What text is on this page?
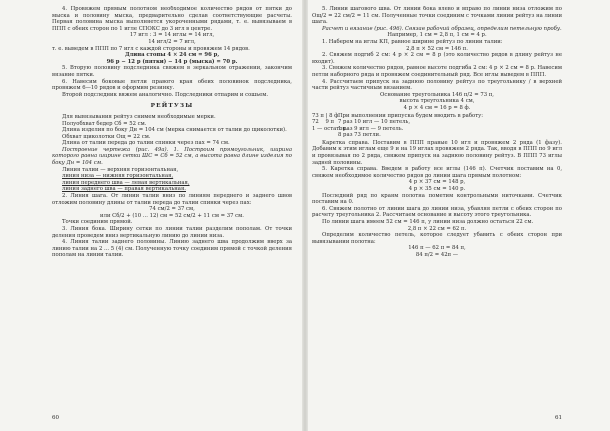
4. Провяжем прямым полотном необходимое количество рядов от пятки до мыска и половину мыска, предварительно сделав соответствующие расчеты. Первая половина мыска выполняется укороченными рядами, т. е. вывязываем в ППП с обеих сторон по 1 игле СПОКС до 3 игл в центре.

17 игл : 3 = 14 иглы = 14 игл,

14 игл/2 = 7 игл,

т. е. выведем в ППП по 7 игл с каждой стороны и провяжем 14 рядов.

Длина стопы 4 × 24 см = 96 р,

96 р − 12 р (пятки) − 14 р (мыска) = 70 р.

5. Вторую половину подследника свяжем в зеркальном отражении, закончим вязание пятки.

6. Навесим боковые петли правого края обеих половинок подследника, провяжем 6—10 рядов и оформим резинку.

Второй подследник вяжем аналогично. Подследники отпарим и сошьем.

РЕЙТУЗЫ

Для вывязывания рейтуз снимем необходимые мерки.

Полуобхват бедер Сб = 52 см.

Длина изделия по боку Дн = 104 см (мерка снимается от талии до щиколотки).

Обхват щиколотки Ощ = 22 см.

Длина от талии переда до талии спинки через пах = 74 см.

Построение чертежа (рис. 49а). 1. Построим прямоугольник, ширина которого равна ширине сетки ШС = Сб = 52 см, а высота равна длине изделия по боку Дн = 104 см.

Линия талии — верхняя горизонтальная,

линия низа — нижняя горизонтальная,

линия переднего шва — левая вертикальная,

линия заднего шва — правая вертикальная.

2. Линия шага. От линии талии вниз по линиям переднего и заднего швов отложим половину длины от талии переда до талии спинки через пах:

74 см/2 = 37 см,

или Сб/2 + (10 ... 12) см = 52 см/2 + 11 см = 37 см.

Точки соединим прямой.

3. Линия бока. Ширину сетки по линии талии разделим пополам. От точки деления проведем вниз вертикальную линию до линии низа.

4. Линия талии заднего половины. Линию заднего шва продолжим вверх за линию талии на 2 ... 5 (4) см. Полученную точку соединим прямой с точкой деления пополам на линии талии.

60

5. Линии шагового шва. От линии бока влево и вправо по линии низа отложим по Ощ/2 = 22 см/2 = 11 см. Полученные точки соединим с точками линии рейтуз на линии шага.

Расчет и вязание (рис. 496). Связав рабочий образец, определим петельную пробу.

Например, 1 см = 2,8 п, 1 см = 4 р.

1. Наберем на иглы КП, равное ширине рейтуз по линии талии:

2,8 п × 52 см = 146 п.

2. Свяжем подгиб 2 см: 4 р × 2 см = 8 р (это количество рядов в длину рейтуз не входит).

3. Свяжем количество рядов, равное высоте подгиба 2 см: 4 р × 2 см = 8 р. Навесим петли наборного ряда и провяжем соединительный ряд. Все иглы выведем в ППП.

4. Рассчитаем припуск на заднюю половину рейтуз по треугольнику / в верхней части рейтуз частичным вязанием.

Основание треугольника 146 п/2 = 73 п,

высота треугольника 4 см,

4 р × 4 см = 16 р = 8 ф.

73 п | 8 ф При выполнении припуска будем вводить в работу:
72    9 п 7 раз 10 игл — 10 петель,
1 — остаток.
1 раз 9 игл — 9 петель.
8 раз 73 петли.

Каретка справа. Поставим в ППП правые 10 игл и провяжем 2 ряда (1 фазу). Добавим к этим иглам еще 9 и на 19 иглах провяжем 2 ряда. Так, вводя в ППП по 9 игл и провязывая по 2 ряда, свяжем припуск на заднюю половину рейтуз. В ППП 73 иглы задней половины.

5. Каретка справа. Введем в работу все иглы (146 п). Счетчик поставим на 0, свяжем необходимое количество рядов до линии шага прямым полотном:

4 р × 37 см = 148 р,

4 р × 35 см = 140 р.

Последний ряд по краям полотна пометим контрольными ниточками. Счетчик поставим на 0.

6. Свяжем полотно от линии шага до линии низа, убавляя петли с обеих сторон по расчету треугольника 2. Рассчитаем основание и высоту этого треугольника.

По линии шага имеем 52 см = 146 п, у линии низа должно остаться 22 см.

2,8 п × 22 см = 62 п.

Определим количество петель, которое следует убавить с обеих сторон при вывязывании полотна:

146 п — 62 п = 84 п,

84 п/2 = 42п —

61
